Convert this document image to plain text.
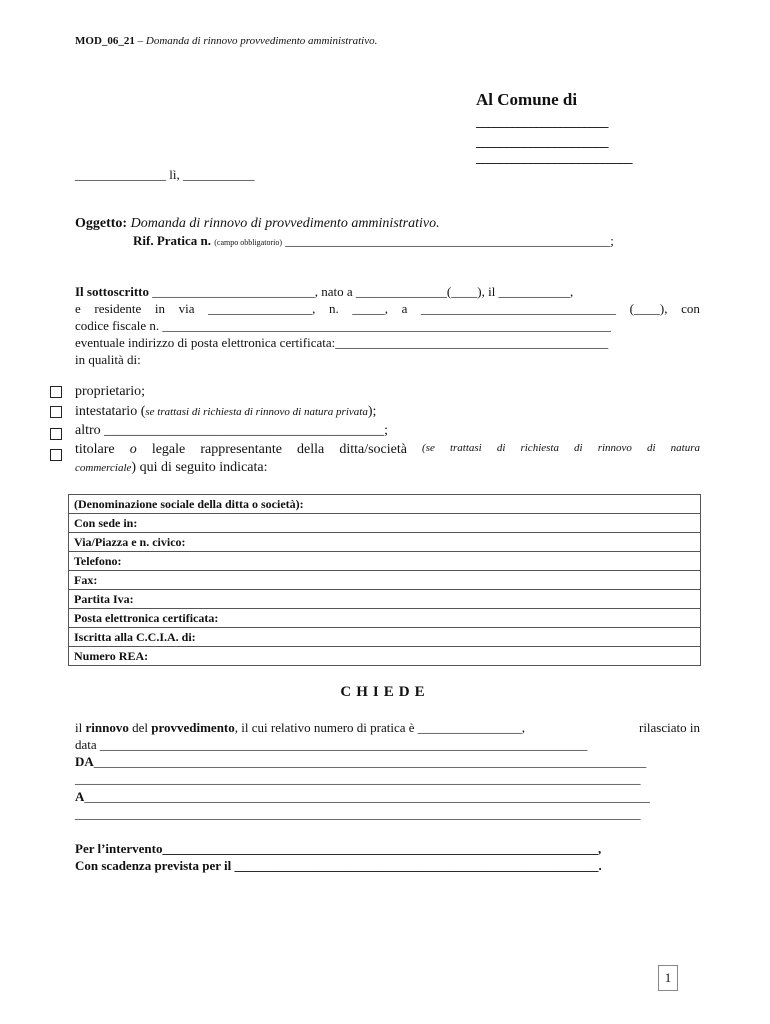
MOD_06_21 – Domanda di rinnovo provvedimento amministrativo.
Al Comune di
______________________
______________________
__________________________
______________ lì, ___________
Oggetto: Domanda di rinnovo di provvedimento amministrativo.
Rif. Pratica n. (campo obbligatorio) __________________________________________________;
Il sottoscritto _________________________, nato a ______________(____), il ___________,
e residente in via ________________, n. _____, a ______________________________ (____), con
codice fiscale n. _____________________________________________________________________
eventuale indirizzo di posta elettronica certificata:__________________________________________
in qualità di:
proprietario;
intestatario (se trattasi di richiesta di rinnovo di natura privata);
altro ________________________________________;
titolare o legale rappresentante della ditta/società (se trattasi di richiesta di rinnovo di natura
commerciale) qui di seguito indicata:
(Denominazione sociale della ditta o società):
Con sede in:
Via/Piazza e n. civico:
Telefono:
Fax:
Partita Iva:
Posta elettronica certificata:
Iscritta alla C.C.I.A. di:
Numero REA:
CHIEDE
il rinnovo del provvedimento, il cui relativo numero di pratica è ________________,	rilasciato in
data ___________________________________________________________________________
DA_____________________________________________________________________________________
_______________________________________________________________________________________
A_______________________________________________________________________________________
_______________________________________________________________________________________
Per l’intervento___________________________________________________________________,
Con scadenza prevista per il ________________________________________________________.
1
